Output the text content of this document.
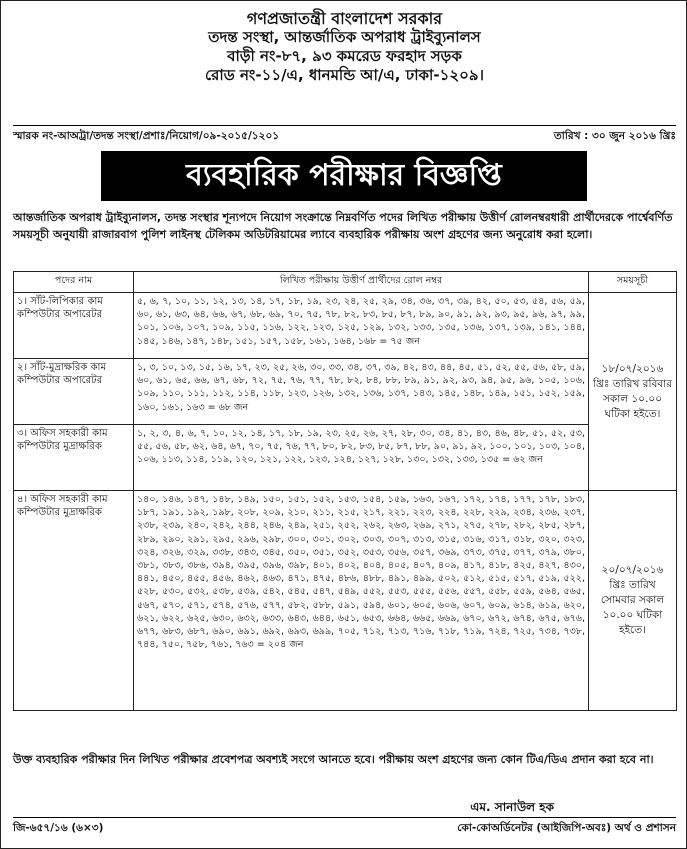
গণপ্রজাতন্ত্রী বাংলাদেশ সরকার
তদন্ত সংস্থা, আন্তর্জাতিক অপরাধ ট্রাইব্যুনালস
বাড়ী নং-৮৭, ৯৩ কমরেড ফরহাদ সড়ক
রোড নং-১১/এ, ধানমন্ডি আ/এ, ঢাকা-১২০৯।
স্মারক নং-আঅট্রা/তদন্ত সংস্থা/প্রশাঃ/নিয়োগ/০৯-২০১৫/১২০১	তারিখ : ৩০ জুন ২০১৬ খ্রিঃ
ব্যবহারিক পরীক্ষার বিজ্ঞপ্তি
আন্তর্জাতিক অপরাধ ট্রাইব্যুনালস, তদন্ত সংস্থার শূন্যপদে নিয়োগ সংক্রান্তে নিম্নবর্ণিত পদের লিখিত পরীক্ষায় উত্তীর্ণ রোলনম্বরধারী প্রার্থীদেরকে পার্শ্বেবর্ণিত সময়সূচী অনুযায়ী রাজারবাগ পুলিশ লাইনস্থ টেলিকম অডিটরিয়ামের ল্যাবে ব্যবহারিক পরীক্ষায় অংশ গ্রহণের জন্য অনুরোধ করা হলো।
পদের নাম	লিখিত পরীক্ষায় উত্তীর্ণ প্রার্থীদের রোল নম্বর	সময়সূচী
১। সাঁট-লিপিকার কাম কম্পিউটার অপারেটর	৫, ৬, ৭, ১০, ১১, ১২, ১৩, ১৪, ১৭, ১৮, ১৯, ২৩, ২৪, ২৫, ২৯, ৩৪, ৩৬, ৩৭, ৩৯, ৪২, ৫০, ৫৩, ৫৪, ৫৬, ৫৯, ৬০, ৬১, ৬৩, ৬৪, ৬৬, ৬৭, ৬৮, ৬৯, ৭০, ৭৫, ৭৮, ৮২, ৮৩, ৮৫, ৮৭, ৮৯, ৯০, ৯১, ৯২, ৯৩, ৯৫, ৯৬, ৯৭, ৯৯, ১০১, ১০৬, ১০৭, ১০৯, ১১৫, ১১৬, ১২২, ১২৩, ১২৫, ১২৯, ১৩২, ১৩৩, ১৩৫, ১৩৬, ১৩৭, ১৩৯, ১৪১, ১৪৪, ১৪৫, ১৪৬, ১৪৭, ১৪৮, ১৫১, ১৫৭, ১৫৮, ১৬১, ১৬৪, ১৬৮ = ৭৫ জন	১৮/০৭/২০১৬ খ্রিঃ তারিখ রবিবার সকাল ১০.০০ ঘটিকা হইতে।
২। সাঁট-মুদ্রাক্ষরিক কাম কম্পিউটার অপারেটর	১, ৩, ১০, ১৩, ১৫, ১৬, ১৭, ২৩, ২৫, ২৬, ৩০, ৩৩, ৩৪, ৩৭, ৩৯, ৪২, ৪৩, ৪৪, ৪৫, ৫১, ৫২, ৫৫, ৫৬, ৫৮, ৫৯, ৬০, ৬১, ৬৫, ৬৬, ৬৭, ৬৮, ৭২, ৭৫, ৭৬, ৭৭, ৭৮, ৮২, ৮৪, ৮৮, ৮৯, ৯১, ৯২, ৯৩, ৯৪, ৯৫, ৯৬, ১০৫, ১০৬, ১০৯, ১১০, ১১১, ১১২, ১১৪, ১১৮, ১২৩, ১২৬, ১৩২, ১৩৬, ১৩৭, ১৪৩, ১৪৫, ১৪৮, ১৪৯, ১৫১, ১৫২, ১৫৯, ১৬০, ১৬১, ১৬৩ = ৬৮ জন	
৩। অফিস সহকারী কাম কম্পিউটার মুদ্রাক্ষরিক	১, ২, ৩, ৪, ৬, ৭, ১০, ১২, ১৪, ১৭, ১৮, ১৯, ২৩, ২৫, ২৬, ২৭, ২৮, ৩০, ৩৪, ৪১, ৪৩, ৪৬, ৪৮, ৫১, ৫২, ৫৩, ৫৫, ৫৬, ৫৮, ৬২, ৬৪, ৬৭, ৭০, ৭৫, ৭৬, ৭৭, ৮০, ৮২, ৮৩, ৮৫, ৮৭, ৮৮, ৯০, ৯১, ৯২, ১০০, ১০১, ১০৩, ১০৪, ১০৬, ১১৩, ১১৪, ১১৯, ১২০, ১২১, ১২২, ১২৩, ১২৪, ১২৭, ১২৮, ১৩০, ১৩২, ১৩৩, ১৩৫ = ৬২ জন	
৪। অফিস সহকারী কাম কম্পিউটার মুদ্রাক্ষরিক	১৪০, ১৪৬, ১৪৭, ১৪৮, ১৪৯, ১৫০, ১৫১, ১৫২, ১৫৩, ১৫৪, ১৫৯, ১৬৩, ১৬৭, ১৭২, ১৭৪, ১৭৭, ১৭৮, ১৮৩, ১৮৭, ১৯১, ১৯২, ১৯৮, ২০৮, ২০৯, ২১০, ২১১, ২১৫, ২১৭, ২২১, ২২৩, ২২৪, ২২৮, ২২৯, ২৩৪, ২৩৬, ২৩৭, ২৩৮, ২৩৯, ২৪০, ২৪২, ২৪৪, ২৪৬, ২৪৯, ২৫১, ২৫২, ২৬২, ২৬৩, ২৬৯, ২৭১, ২৭৫, ২৭৮, ২৮২, ২৮৫, ২৮৭, ২৮৯, ২৯০, ২৯১, ২৯৫, ২৯৬, ২৯৮, ৩০০, ৩০১, ৩০২, ৩০৩, ৩০৭, ৩১৩, ৩১৫, ৩১৬, ৩১৭, ৩১৮, ৩২০, ৩২৩, ৩২৪, ৩২৬, ৩২৯, ৩৩৮, ৩৪৩, ৩৪৫, ৩৫০, ৩৫১, ৩৫২, ৩৫৩, ৩৫৬, ৩৫৭, ৩৬৯, ৩৭৩, ৩৭৫, ৩৭৭, ৩৭৯, ৩৮০, ৩৮১, ৩৮৩, ৩৮৬, ৩৯৪, ৩৯৫, ৩৯৬, ৩৯৮, ৪০১, ৪০২, ৪০৪, ৪০৫, ৪০৭, ৪০৯, ৪১৭, ৪১৮, ৪২৫, ৪২৭, ৪৩০, ৪৪১, ৪৫০, ৪৫৫, ৪৫৬, ৪৬২, ৪৬৩, ৪৭১, ৪৭৫, ৪৮৬, ৪৮৮, ৪৯১, ৪৯৯, ৫০২, ৫১২, ৫১৫, ৫১৭, ৫১৯, ৫২২, ৫২৮, ৫৩০, ৫৩২, ৫৩৮, ৫৩৯, ৫৪২, ৫৪৫, ৫৪৭, ৫৪৯, ৫৫২, ৫৫৩, ৫৫৫, ৫৫৬, ৫৫৭, ৫৫৮, ৫৫৯, ৫৬৪, ৫৬৫, ৫৬৭, ৫৭০, ৫৭১, ৫৭৪, ৫৭৬, ৫৭৭, ৫৮২, ৫৮৮, ৫৯১, ৫৯৪, ৬০১, ৬০৫, ৬০৬, ৬০৭, ৬০৯, ৬১৪, ৬১৯, ৬২০, ৬২১, ৬২২, ৬২৫, ৬৩০, ৬৩২, ৬৩৩, ৬৪৩, ৬৪৪, ৬৫১, ৬৫৩, ৬৬৪, ৬৬৫, ৬৬৯, ৬৭০, ৬৭২, ৬৭৪, ৬৭৫, ৬৭৬, ৬৭৭, ৬৮৩, ৬৮৭, ৬৯০, ৬৯১, ৬৯২, ৬৯৩, ৬৯৯, ৭০৫, ৭১২, ৭১৩, ৭১৬, ৭১৮, ৭১৯, ৭২৪, ৭২৫, ৭৩৪, ৭৩৮, ৭৪৪, ৭৫০, ৭৫৮, ৭৬১, ৭৬৩ = ২০৪ জন	২০/০৭/২০১৬ খ্রিঃ তারিখ সোমবার সকাল ১০.০০ ঘটিকা হইতে।
উক্ত ব্যবহারিক পরীক্ষার দিন লিখিত পরীক্ষার প্রবেশপত্র অবশ্যই সংগে আনতে হবে। পরীক্ষায় অংশ গ্রহণের জন্য কোন টিএ/ডিএ প্রদান করা হবে না।
এম. সানাউল হক
জি-৬৫৭/১৬ (৬×৩)	কো-কোঅর্ডিনেটর (আইজিপি-অবঃ) অর্থ ও প্রশাসন
